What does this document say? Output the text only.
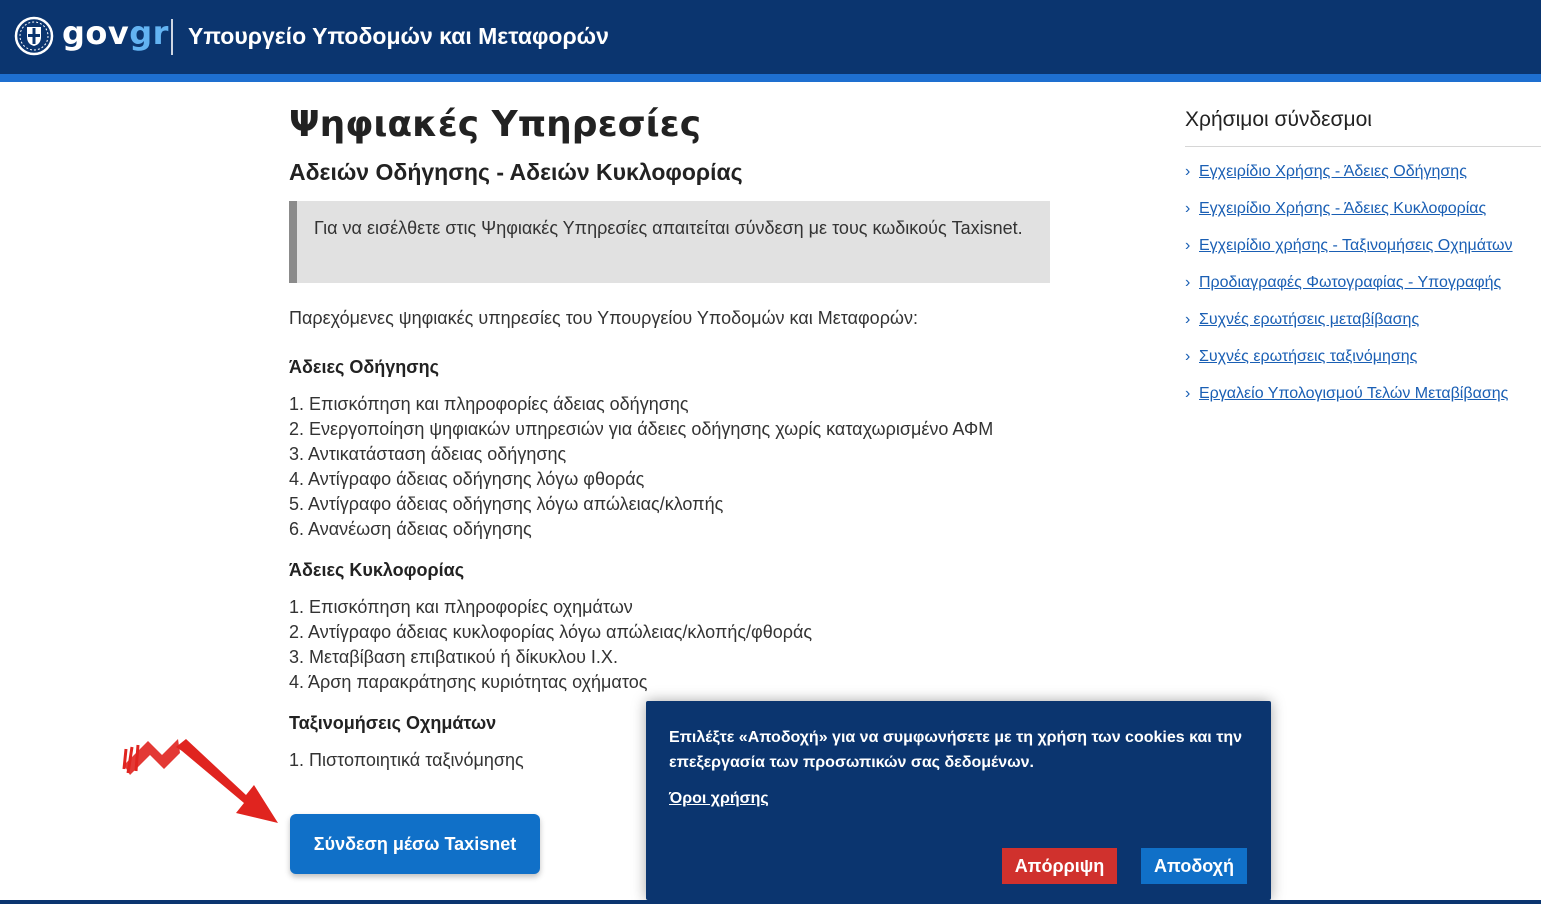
govgr Υπουργείο Υποδομών και Μεταφορών
Ψηφιακές Υπηρεσίες
Αδειών Οδήγησης - Αδειών Κυκλοφορίας
Για να εισέλθετε στις Ψηφιακές Υπηρεσίες απαιτείται σύνδεση με τους κωδικούς Taxisnet.
Παρεχόμενες ψηφιακές υπηρεσίες του Υπουργείου Υποδομών και Μεταφορών:
Άδειες Οδήγησης
1. Επισκόπηση και πληροφορίες άδειας οδήγησης
2. Ενεργοποίηση ψηφιακών υπηρεσιών για άδειες οδήγησης χωρίς καταχωρισμένο ΑΦΜ
3. Αντικατάσταση άδειας οδήγησης
4. Αντίγραφο άδειας οδήγησης λόγω φθοράς
5. Αντίγραφο άδειας οδήγησης λόγω απώλειας/κλοπής
6. Ανανέωση άδειας οδήγησης
Άδειες Κυκλοφορίας
1. Επισκόπηση και πληροφορίες οχημάτων
2. Αντίγραφο άδειας κυκλοφορίας λόγω απώλειας/κλοπής/φθοράς
3. Μεταβίβαση επιβατικού ή δίκυκλου Ι.Χ.
4. Άρση παρακράτησης κυριότητας οχήματος
Ταξινομήσεις Οχημάτων
1. Πιστοποιητικά ταξινόμησης
Σύνδεση μέσω Taxisnet
Χρήσιμοι σύνδεσμοι
› Εγχειρίδιο Χρήσης - Άδειες Οδήγησης
› Εγχειρίδιο Χρήσης - Άδειες Κυκλοφορίας
› Εγχειρίδιο χρήσης - Ταξινομήσεις Οχημάτων
› Προδιαγραφές Φωτογραφίας - Υπογραφής
› Συχνές ερωτήσεις μεταβίβασης
› Συχνές ερωτήσεις ταξινόμησης
› Εργαλείο Υπολογισμού Τελών Μεταβίβασης
Επιλέξτε «Αποδοχή» για να συμφωνήσετε με τη χρήση των cookies και την επεξεργασία των προσωπικών σας δεδομένων.
Όροι χρήσης
Απόρριψη	Αποδοχή
